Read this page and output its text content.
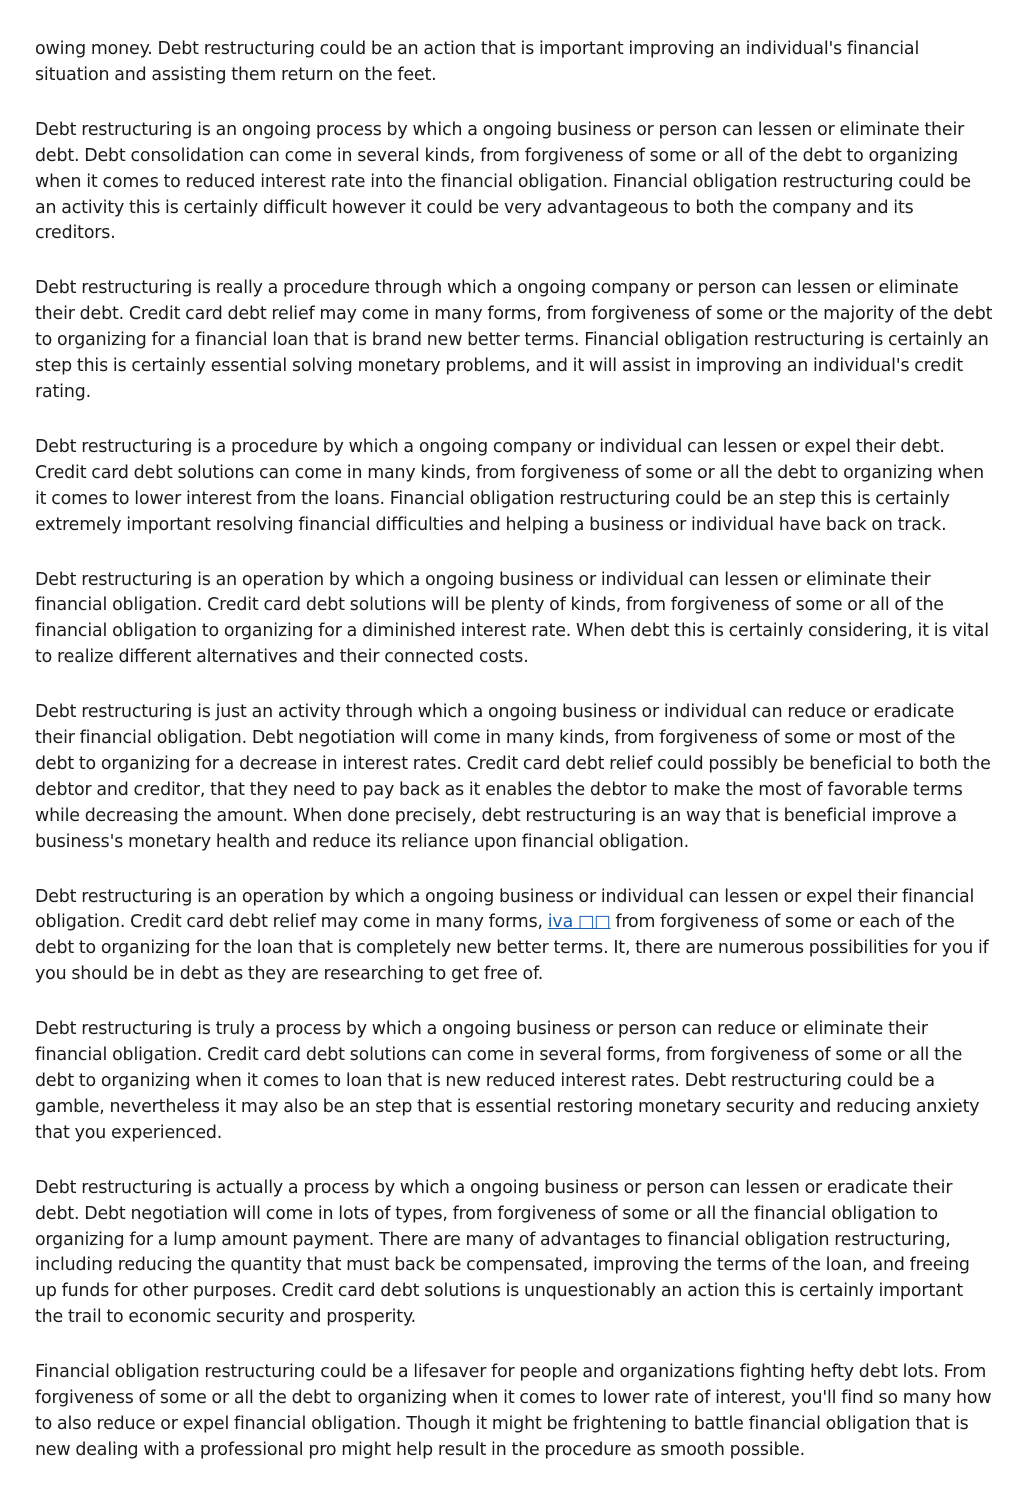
owing money. Debt restructuring could be an action that is important improving an individual's financial situation and assisting them return on the feet.

Debt restructuring is an ongoing process by which a ongoing business or person can lessen or eliminate their debt. Debt consolidation can come in several kinds, from forgiveness of some or all of the debt to organizing when it comes to reduced interest rate into the financial obligation. Financial obligation restructuring could be an activity this is certainly difficult however it could be very advantageous to both the company and its creditors.

Debt restructuring is really a procedure through which a ongoing company or person can lessen or eliminate their debt. Credit card debt relief may come in many forms, from forgiveness of some or the majority of the debt to organizing for a financial loan that is brand new better terms. Financial obligation restructuring is certainly an step this is certainly essential solving monetary problems, and it will assist in improving an individual's credit rating.

Debt restructuring is a procedure by which a ongoing company or individual can lessen or expel their debt. Credit card debt solutions can come in many kinds, from forgiveness of some or all the debt to organizing when it comes to lower interest from the loans. Financial obligation restructuring could be an step this is certainly extremely important resolving financial difficulties and helping a business or individual have back on track.

Debt restructuring is an operation by which a ongoing business or individual can lessen or eliminate their financial obligation. Credit card debt solutions will be plenty of kinds, from forgiveness of some or all of the financial obligation to organizing for a diminished interest rate. When debt this is certainly considering, it is vital to realize different alternatives and their connected costs.

Debt restructuring is just an activity through which a ongoing business or individual can reduce or eradicate their financial obligation. Debt negotiation will come in many kinds, from forgiveness of some or most of the debt to organizing for a decrease in interest rates. Credit card debt relief could possibly be beneficial to both the debtor and creditor, that they need to pay back as it enables the debtor to make the most of favorable terms while decreasing the amount. When done precisely, debt restructuring is an way that is beneficial improve a business's monetary health and reduce its reliance upon financial obligation.

Debt restructuring is an operation by which a ongoing business or individual can lessen or expel their financial obligation. Credit card debt relief may come in many forms, iva □□ from forgiveness of some or each of the debt to organizing for the loan that is completely new better terms. It, there are numerous possibilities for you if you should be in debt as they are researching to get free of.

Debt restructuring is truly a process by which a ongoing business or person can reduce or eliminate their financial obligation. Credit card debt solutions can come in several forms, from forgiveness of some or all the debt to organizing when it comes to loan that is new reduced interest rates. Debt restructuring could be a gamble, nevertheless it may also be an step that is essential restoring monetary security and reducing anxiety that you experienced.

Debt restructuring is actually a process by which a ongoing business or person can lessen or eradicate their debt. Debt negotiation will come in lots of types, from forgiveness of some or all the financial obligation to organizing for a lump amount payment. There are many of advantages to financial obligation restructuring, including reducing the quantity that must back be compensated, improving the terms of the loan, and freeing up funds for other purposes. Credit card debt solutions is unquestionably an action this is certainly important the trail to economic security and prosperity.

Financial obligation restructuring could be a lifesaver for people and organizations fighting hefty debt lots. From forgiveness of some or all the debt to organizing when it comes to lower rate of interest, you'll find so many how to also reduce or expel financial obligation. Though it might be frightening to battle financial obligation that is new dealing with a professional pro might help result in the procedure as smooth possible.
